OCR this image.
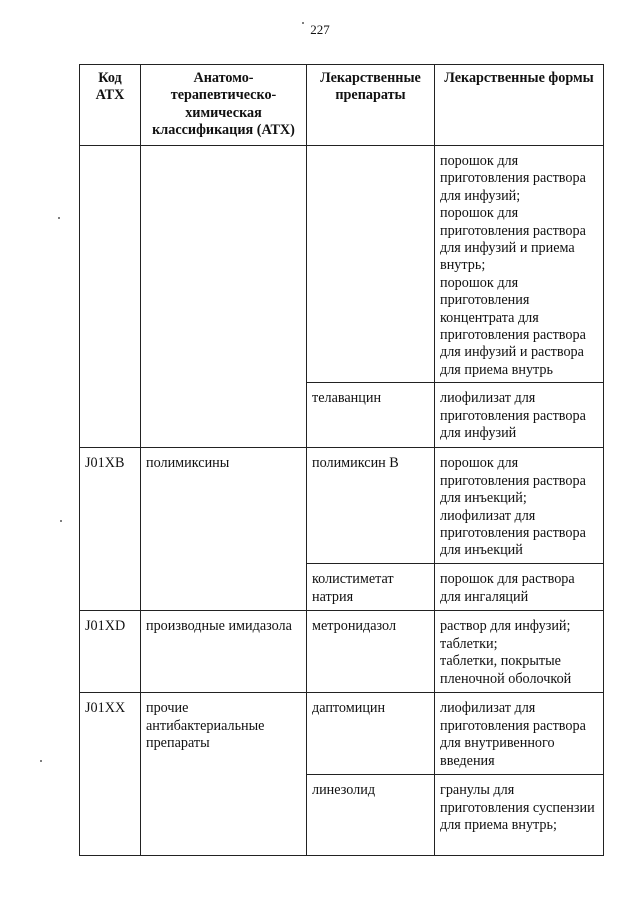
227
Код АТХ	Анатомо-терапевтическо-химическая классификация (АТХ)	Лекарственные препараты	Лекарственные формы

			порошок для приготовления раствора для инфузий;
порошок для приготовления раствора для инфузий и приема внутрь;
порошок для приготовления концентрата для приготовления раствора для инфузий и раствора для приема внутрь

		телаванцин	лиофилизат для приготовления раствора для инфузий

J01XB	полимиксины	полимиксин B	порошок для приготовления раствора для инъекций;
лиофилизат для приготовления раствора для инъекций

		колистиметат натрия	порошок для раствора для ингаляций

J01XD	производные имидазола	метронидазол	раствор для инфузий;
таблетки;
таблетки, покрытые пленочной оболочкой

J01XX	прочие антибактериальные препараты	даптомицин	лиофилизат для приготовления раствора для внутривенного введения

		линезолид	гранулы для приготовления суспензии для приема внутрь;
